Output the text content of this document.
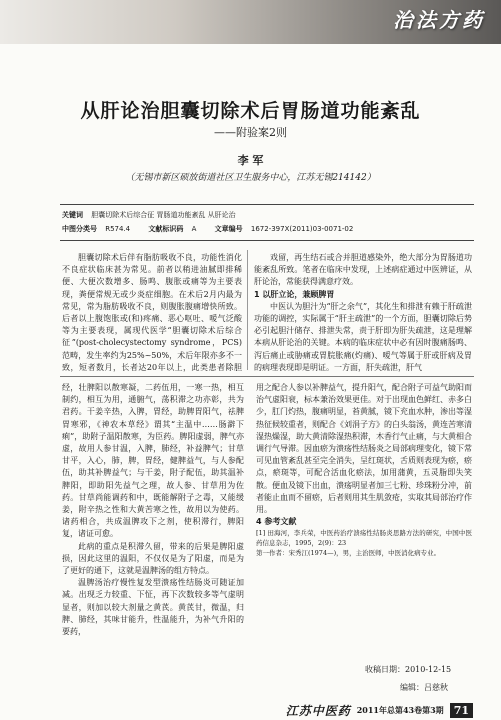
治法方药
从肝论治胆囊切除术后胃肠道功能紊乱
——附验案2则
李 军
（无锡市新区硕放街道社区卫生服务中心，江苏无锡214142）
关键词 胆囊切除术后综合征 胃肠道功能紊乱 从肝论治
中图分类号 R574.4	文献标识码 A	文章编号 1672-397X(2011)03-0071-02

胆囊切除术后伴有脂肪吸收不良，功能性消化不良症状临床甚为常见。前者以稍进油腻即排稀便、大便次数增多、肠鸣、腹胀或痛等为主要表现，粪便常规无或少炎症细胞。在术后2月内最为常见，常为脂肪吸收不良，则腹胀腹痛增快所致。后者以上腹饱胀或(和)疼痛、恶心呕吐、嗳气泛酸等为主要表现，属现代医学“胆囊切除术后综合征”(post-cholecystectomy syndrome，PCS)范畴，发生率约为25%~50%，术后年限亦多不一致，短者数月，长者达20年以上，此类患者除胆

戏留，再生结石或合并胆道感染外，绝大部分为胃肠道功能紊乱所致。笔者在临床中发现，上述病症通过中医辨证，从肝论治，常能获得满意疗效。

1 以肝立论，兼顾脾胃

中医认为胆汁为“肝之余气”，其化生和排泄有赖于肝疏泄功能的调控，实际属于“肝主疏泄”的一个方面，胆囊切除后势必引起胆汁储存、排泄失常，责于肝即为肝失疏泄，这是理解本病从肝论治的关键。本病的临床症状中必有因时腹痛肠鸣、泻后痛止或胁痛或胃脘胀痛(灼痛)、嗳气等属于肝或肝病及胃的病理表现即是明证。一方面，肝失疏泄，肝气

经，壮脾阳以散寒凝，二药伍用，一寒一热，相互制约，相互为用，通腑气，荡积滞之功亦彰，共为君药。干姜辛热，入脾，胃经，助脾胃阳气，祛脾胃寒邪，《神农本草经》谓其“主温中……肠澼下痢”，助附子温阳散寒，为臣药。脾阳虚弱，脾气亦虚，故用人参甘温，入脾，肺经，补益脾气；甘草甘平，入心，肺，脾，胃经，健脾益气，与人参配伍，助其补脾益气；与干姜，附子配伍，助其温补脾阳，即助阳先益气之理，故人参、甘草用为佐药。甘草尚能调药和中，既能解附子之毒，又能缓姜，附辛热之性和大黄苦寒之性，故用以为使药。诸药相合，共成温脾攻下之剂，使积滞行，脾阳复，诸证可愈。

此病的重点是积滞久留，带来的后果是脾阳虚损，因此这里的温阳，不仅仅是为了阳虚，而是为了更好的通下，这就是温脾汤的组方特点。

温脾汤治疗慢性复发型溃疡性结肠炎可随证加减。出现乏力较重、下怔，再下次数较多等气虚明显者，则加以较大剂量之黄芪。黄芪甘，微温，归脾、肺经，其味甘能升，性温能升，为补气升阳的要药，

用之配合人参以补脾益气，提升阳气，配合附子可益气助阳而治气虚阳衰，标本兼治效果更佳。对于出现血色鲜红、赤多白少，肛门灼热，腹痛明显，苔黄腻，镜下充血水肿，渗出等湿热征候较重者，则配合《刘涓子方》的白头翁汤，黄连苦寒清湿热燥湿，助大黄清除湿热积滞，木香行气止痛，与大黄相合调行气导滞。因血瘀为溃疡性结肠炎之局部病理变化，镜下常可见血管紊乱甚至完全消失，呈红斑状，舌质则表现为瘀，瘀点，瘀斑等，可配合活血化瘀法，加用蒲黄，五灵脂即失笑散。便血及镜下出血，溃疡明显者加三七粉、珍珠粉分冲，前者能止血而不留瘀，后者则用其生肌敛疮，实取其局部治疗作用。

4 参考文献

[1] 田海河，李兵荣，中医药治疗溃疡性结肠炎思路方法的研究，中国中医药信息杂志，1995，2(9)：23

第一作者：宋秀江(1974—)，男，主治医师，中医消化病专业。

收稿日期：2010-12-15
编辑：吕慈秋
江苏中医药 2011年总第43卷第3期 71
